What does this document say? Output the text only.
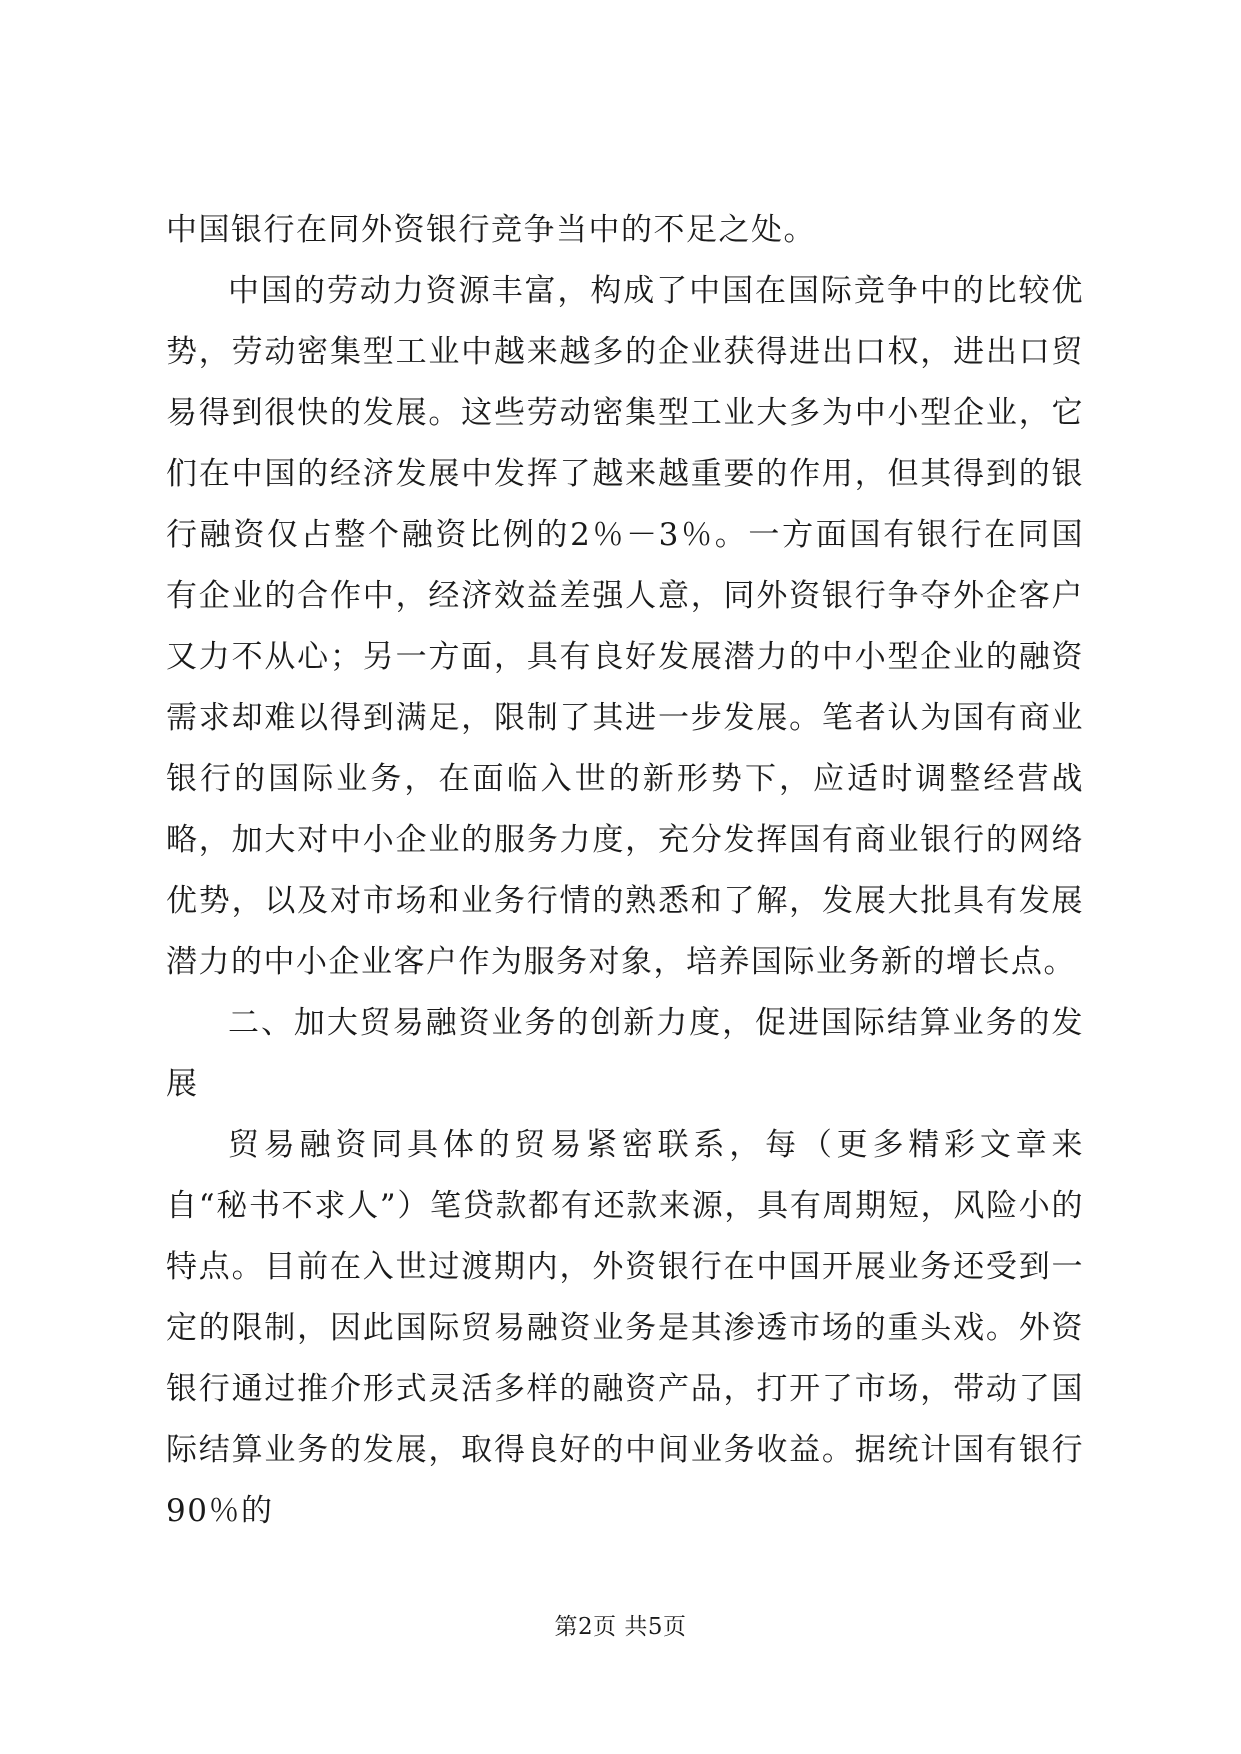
中国银行在同外资银行竞争当中的不足之处。

中国的劳动力资源丰富，构成了中国在国际竞争中的比较优势，劳动密集型工业中越来越多的企业获得进出口权，进出口贸易得到很快的发展。这些劳动密集型工业大多为中小型企业，它们在中国的经济发展中发挥了越来越重要的作用，但其得到的银行融资仅占整个融资比例的2％－3％。一方面国有银行在同国有企业的合作中，经济效益差强人意，同外资银行争夺外企客户又力不从心；另一方面，具有良好发展潜力的中小型企业的融资需求却难以得到满足，限制了其进一步发展。笔者认为国有商业银行的国际业务，在面临入世的新形势下，应适时调整经营战略，加大对中小企业的服务力度，充分发挥国有商业银行的网络优势，以及对市场和业务行情的熟悉和了解，发展大批具有发展潜力的中小企业客户作为服务对象，培养国际业务新的增长点。

二、加大贸易融资业务的创新力度，促进国际结算业务的发展

贸易融资同具体的贸易紧密联系，每（更多精彩文章来自“秘书不求人”）笔贷款都有还款来源，具有周期短，风险小的特点。目前在入世过渡期内，外资银行在中国开展业务还受到一定的限制，因此国际贸易融资业务是其渗透市场的重头戏。外资银行通过推介形式灵活多样的融资产品，打开了市场，带动了国际结算业务的发展，取得良好的中间业务收益。据统计国有银行90％的

第2页 共5页
